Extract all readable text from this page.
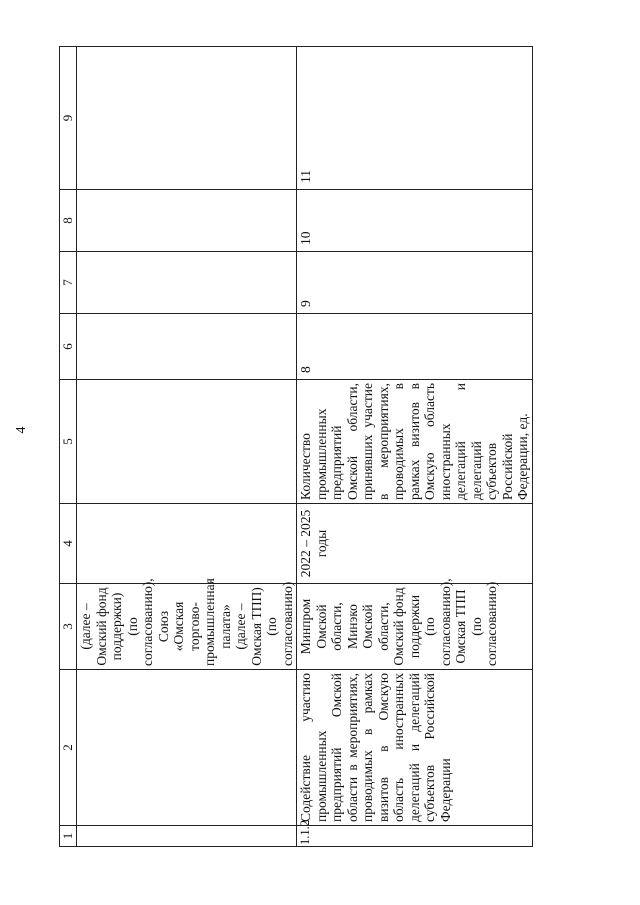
4
1	2	3	4	5	6	7	8	9
		(далее – Омский фонд поддержки) (по согласованию), Союз «Омская торгово-промышленная палата» (далее – Омская ТПП) (по согласованию)						
1.1.2	Содействие участию промышленных предприятий Омской области в мероприятиях, проводимых в рамках визитов в Омскую область иностранных делегаций и делегаций субъектов Российской Федерации	Минпром Омской области, Минэко Омской области, Омский фонд поддержки (по согласованию), Омская ТПП (по согласованию)	2022 – 2025 годы	Количество промышленных предприятий Омской области, принявших участие в мероприятиях, проводимых в рамках визитов в Омскую область иностранных делегаций и делегаций субъектов Российской Федерации, ед.	8	9	10	11
